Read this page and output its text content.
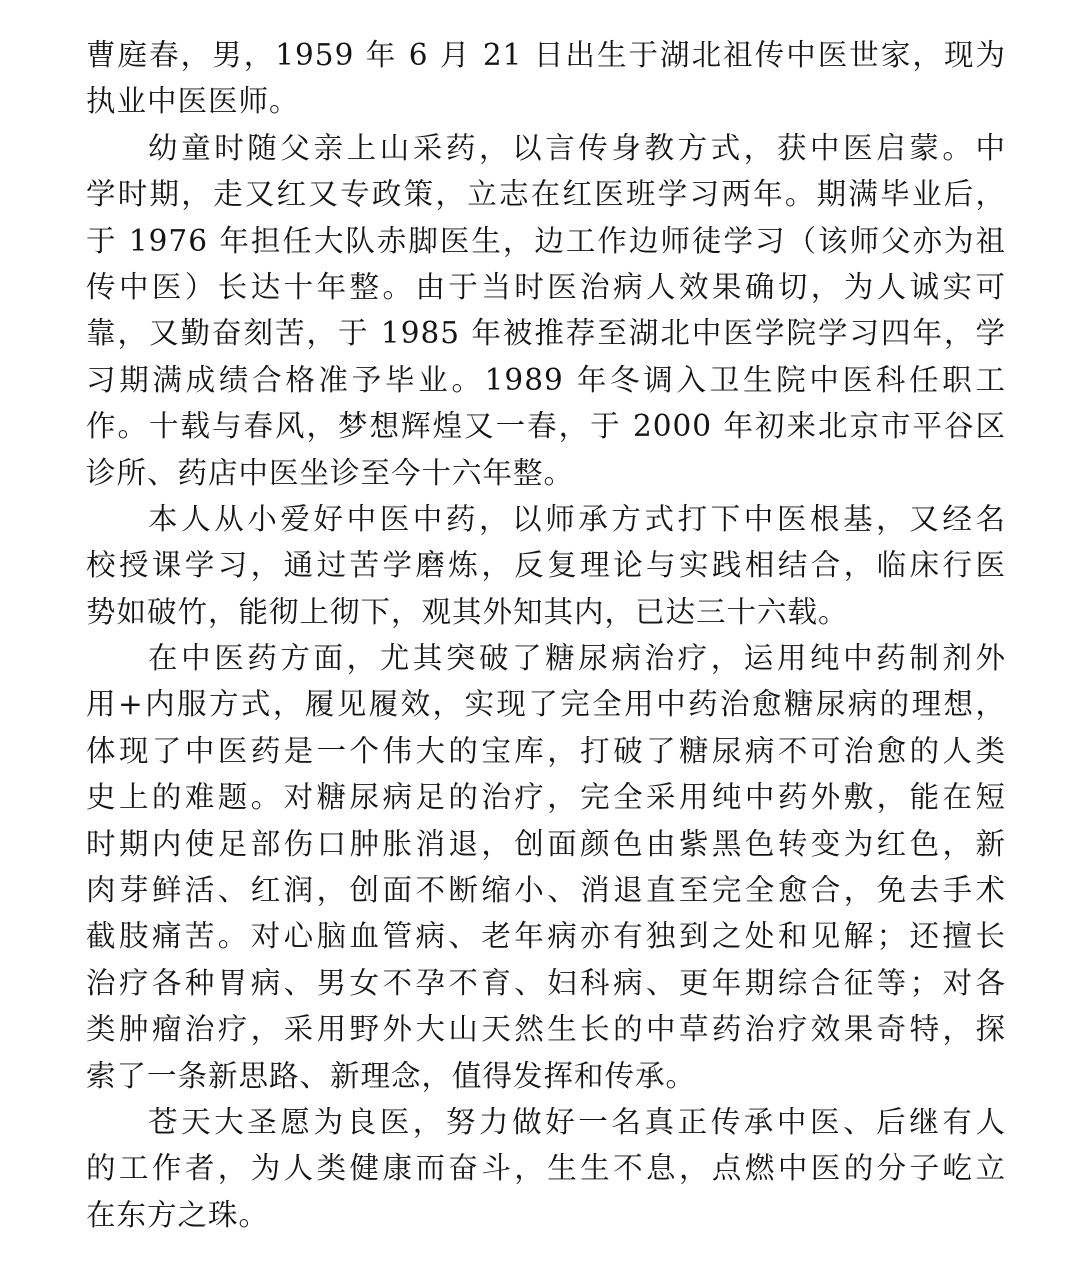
曹庭春，男，1959 年 6 月 21 日出生于湖北祖传中医世家，现为
执业中医医师。
幼童时随父亲上山采药，以言传身教方式，获中医启蒙。中
学时期，走又红又专政策，立志在红医班学习两年。期满毕业后，
于 1976 年担任大队赤脚医生，边工作边师徒学习（该师父亦为祖
传中医）长达十年整。由于当时医治病人效果确切，为人诚实可
靠，又勤奋刻苦，于 1985 年被推荐至湖北中医学院学习四年，学
习期满成绩合格准予毕业。1989 年冬调入卫生院中医科任职工
作。十载与春风，梦想辉煌又一春，于 2000 年初来北京市平谷区
诊所、药店中医坐诊至今十六年整。
本人从小爱好中医中药，以师承方式打下中医根基，又经名
校授课学习，通过苦学磨炼，反复理论与实践相结合，临床行医
势如破竹，能彻上彻下，观其外知其内，已达三十六载。
在中医药方面，尤其突破了糖尿病治疗，运用纯中药制剂外
用+内服方式，履见履效，实现了完全用中药治愈糖尿病的理想，
体现了中医药是一个伟大的宝库，打破了糖尿病不可治愈的人类
史上的难题。对糖尿病足的治疗，完全采用纯中药外敷，能在短
时期内使足部伤口肿胀消退，创面颜色由紫黑色转变为红色，新
肉芽鲜活、红润，创面不断缩小、消退直至完全愈合，免去手术
截肢痛苦。对心脑血管病、老年病亦有独到之处和见解；还擅长
治疗各种胃病、男女不孕不育、妇科病、更年期综合征等；对各
类肿瘤治疗，采用野外大山天然生长的中草药治疗效果奇特，探
索了一条新思路、新理念，值得发挥和传承。
苍天大圣愿为良医，努力做好一名真正传承中医、后继有人
的工作者，为人类健康而奋斗，生生不息，点燃中医的分子屹立
在东方之珠。
